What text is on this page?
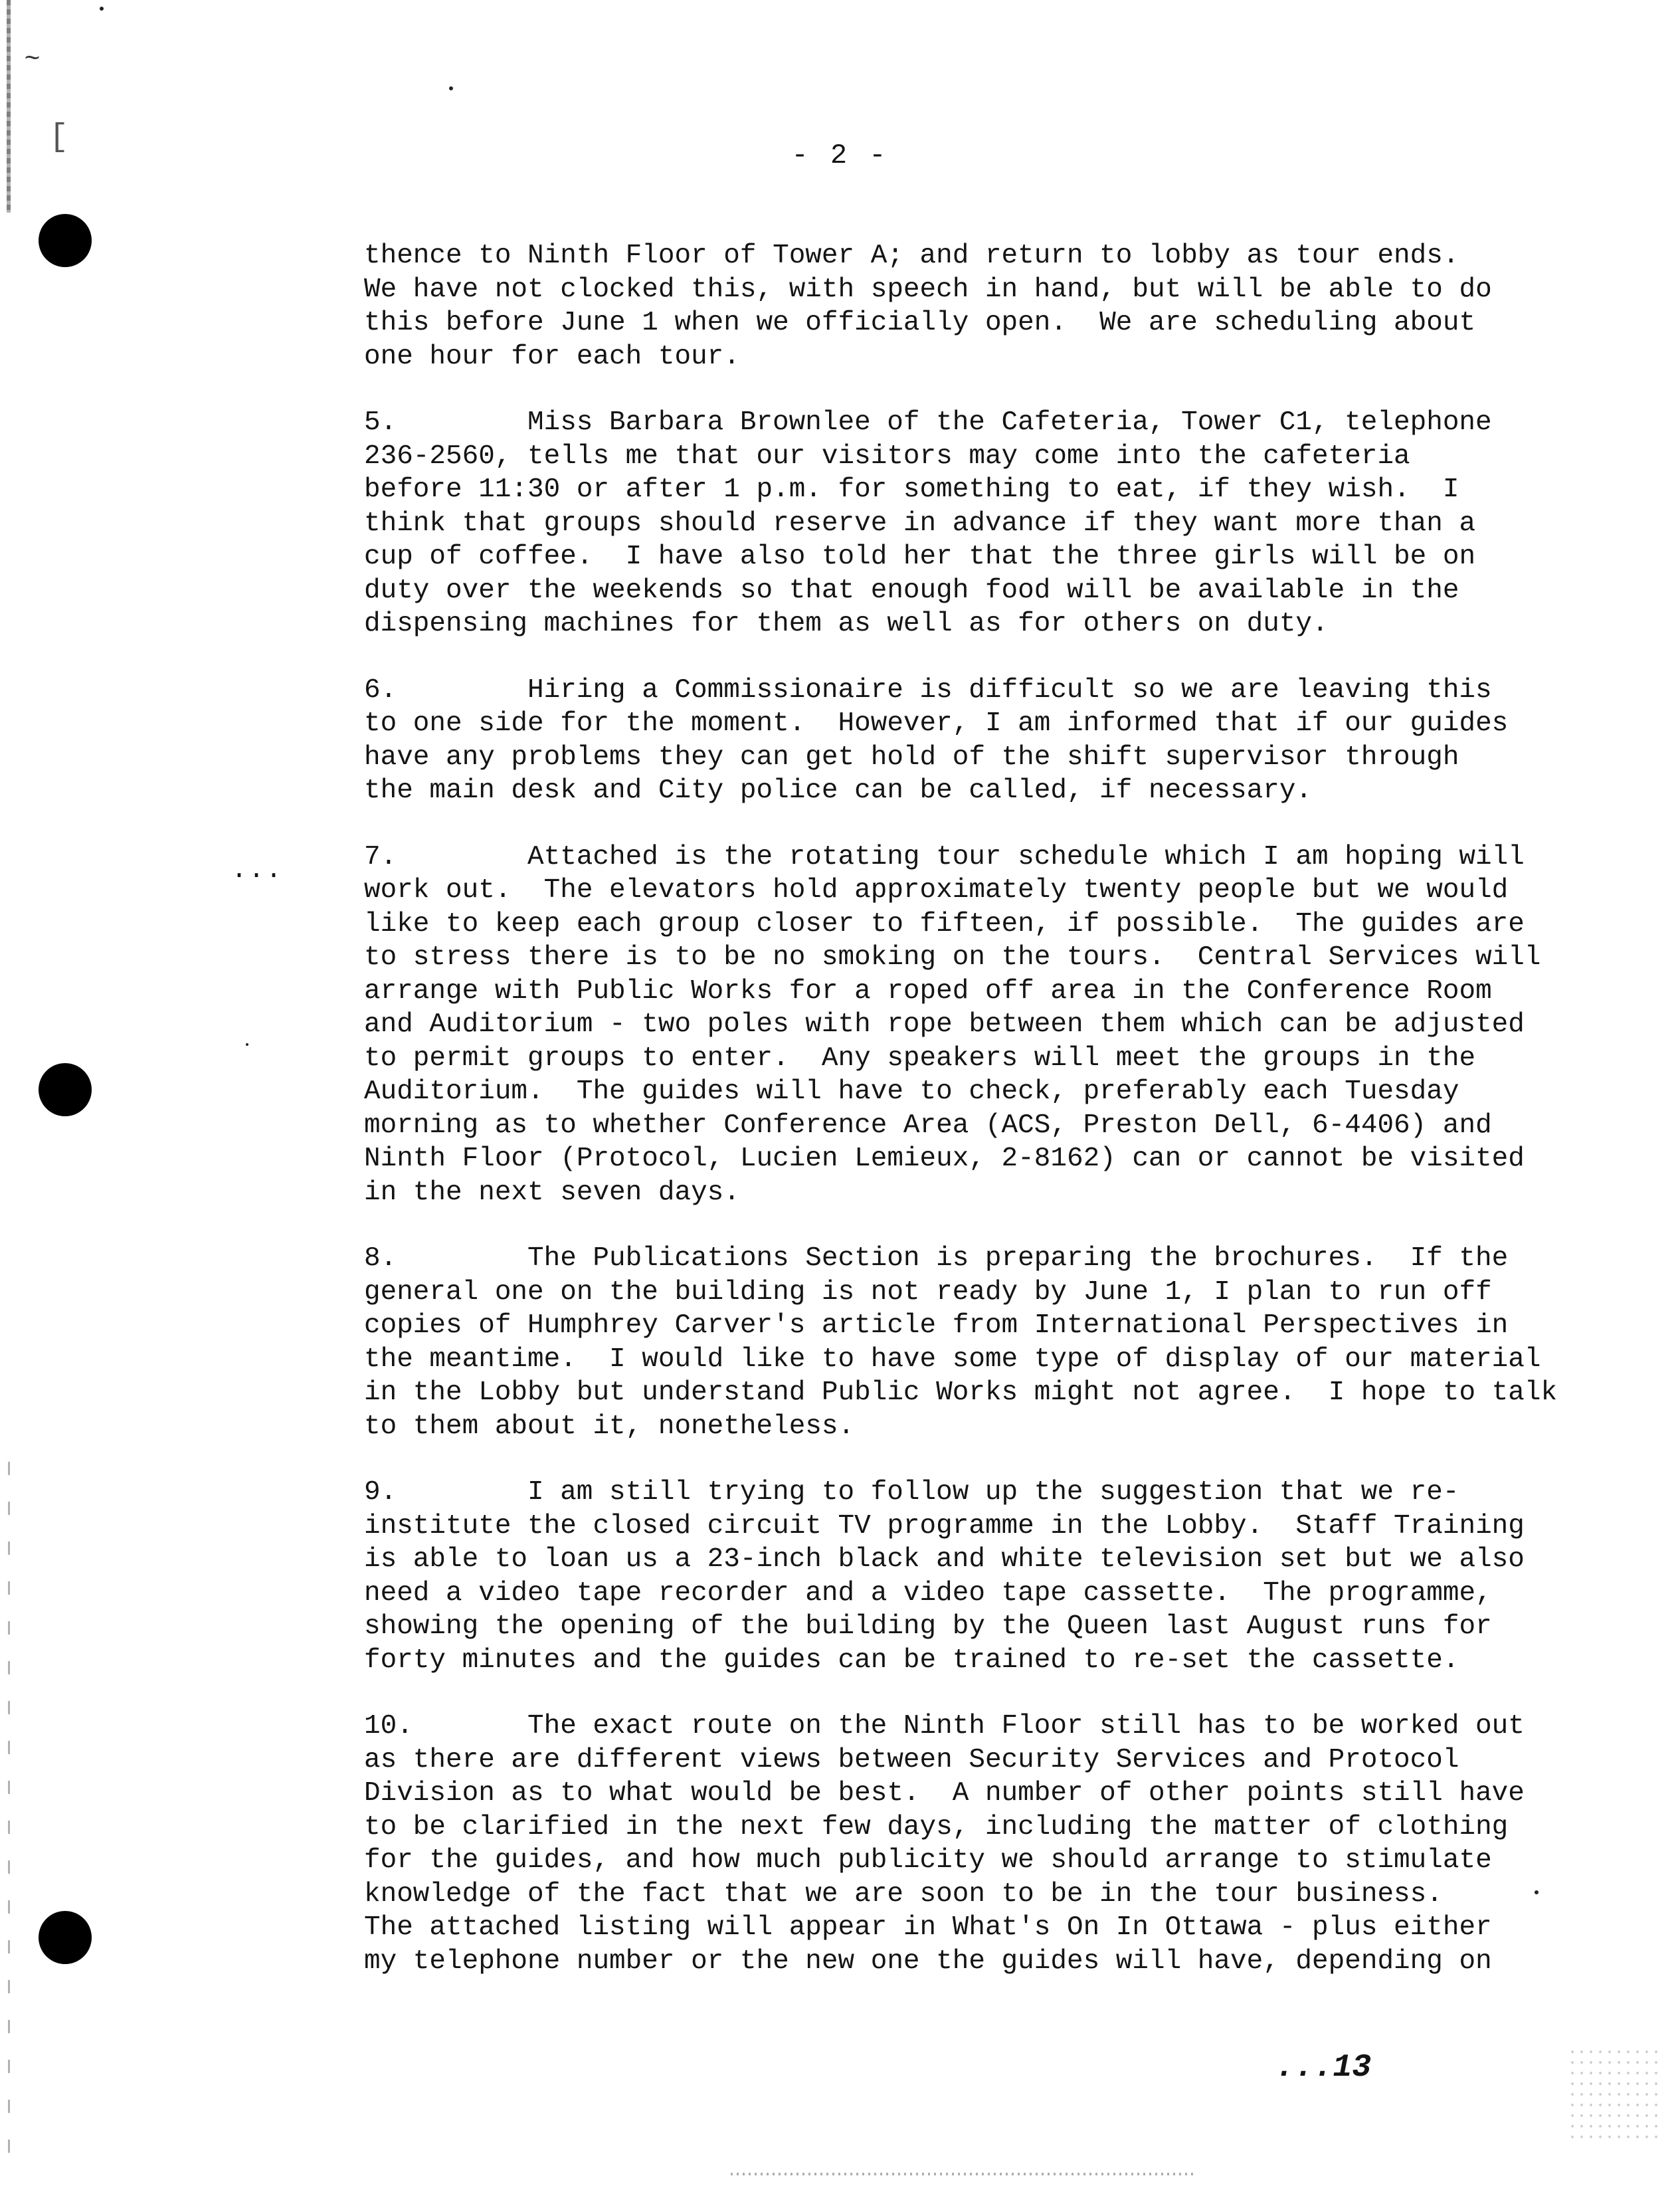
~
[	- 2 -
...
thence to Ninth Floor of Tower A; and return to lobby as tour ends.
We have not clocked this, with speech in hand, but will be able to do
this before June 1 when we officially open.  We are scheduling about
one hour for each tour.
5.	Miss Barbara Brownlee of the Cafeteria, Tower C1, telephone
236-2560, tells me that our visitors may come into the cafeteria
before 11:30 or after 1 p.m. for something to eat, if they wish.  I
think that groups should reserve in advance if they want more than a
cup of coffee.  I have also told her that the three girls will be on
duty over the weekends so that enough food will be available in the
dispensing machines for them as well as for others on duty.
6.	Hiring a Commissionaire is difficult so we are leaving this
to one side for the moment.  However, I am informed that if our guides
have any problems they can get hold of the shift supervisor through
the main desk and City police can be called, if necessary.
7.	Attached is the rotating tour schedule which I am hoping will
work out.  The elevators hold approximately twenty people but we would
like to keep each group closer to fifteen, if possible.  The guides are
to stress there is to be no smoking on the tours.  Central Services will
arrange with Public Works for a roped off area in the Conference Room
and Auditorium - two poles with rope between them which can be adjusted
to permit groups to enter.  Any speakers will meet the groups in the
Auditorium.  The guides will have to check, preferably each Tuesday
morning as to whether Conference Area (ACS, Preston Dell, 6-4406) and
Ninth Floor (Protocol, Lucien Lemieux, 2-8162) can or cannot be visited
in the next seven days.
8.	The Publications Section is preparing the brochures.  If the
general one on the building is not ready by June 1, I plan to run off
copies of Humphrey Carver's article from International Perspectives in
the meantime.  I would like to have some type of display of our material
in the Lobby but understand Public Works might not agree.  I hope to talk
to them about it, nonetheless.
9.	I am still trying to follow up the suggestion that we re-
institute the closed circuit TV programme in the Lobby.  Staff Training
is able to loan us a 23-inch black and white television set but we also
need a video tape recorder and a video tape cassette.  The programme,
showing the opening of the building by the Queen last August runs for
forty minutes and the guides can be trained to re-set the cassette.
10.	The exact route on the Ninth Floor still has to be worked out
as there are different views between Security Services and Protocol
Division as to what would be best.  A number of other points still have
to be clarified in the next few days, including the matter of clothing
for the guides, and how much publicity we should arrange to stimulate
knowledge of the fact that we are soon to be in the tour business.
The attached listing will appear in What's On In Ottawa - plus either
my telephone number or the new one the guides will have, depending on
...13
